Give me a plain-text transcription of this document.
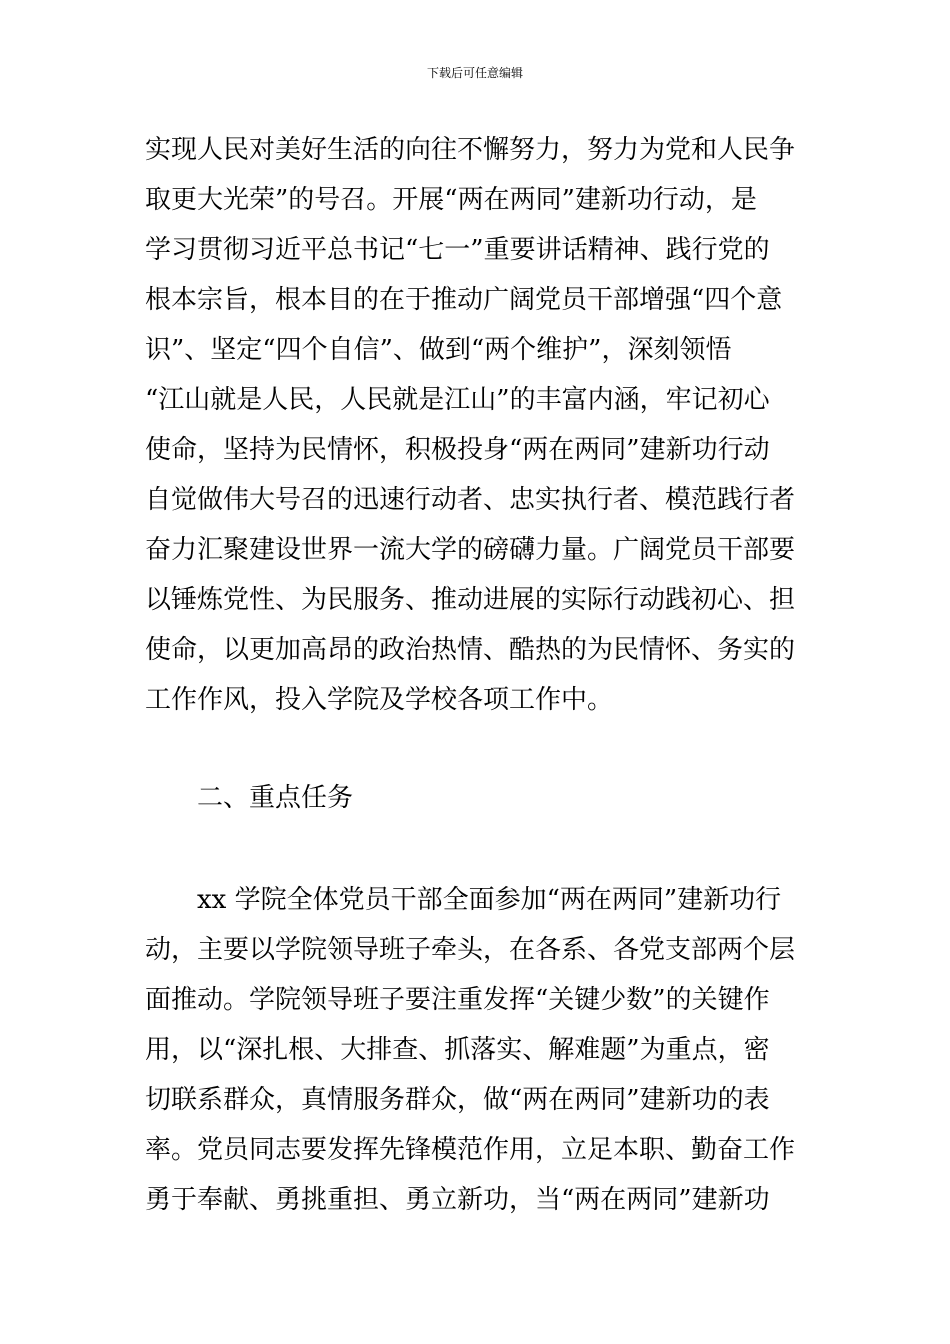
下载后可任意编辑
实现人民对美好生活的向往不懈努力，努力为党和人民争
取更大光荣”的号召。开展“两在两同”建新功行动，是
学习贯彻习近平总书记“七一”重要讲话精神、践行党的
根本宗旨，根本目的在于推动广阔党员干部增强“四个意
识”、坚定“四个自信”、做到“两个维护”，深刻领悟
“江山就是人民，人民就是江山”的丰富内涵，牢记初心
使命，坚持为民情怀，积极投身“两在两同”建新功行动
自觉做伟大号召的迅速行动者、忠实执行者、模范践行者
奋力汇聚建设世界一流大学的磅礴力量。广阔党员干部要
以锤炼党性、为民服务、推动进展的实际行动践初心、担
使命，以更加高昂的政治热情、酷热的为民情怀、务实的
工作作风，投入学院及学校各项工作中。
二、重点任务
xx 学院全体党员干部全面参加“两在两同”建新功行
动，主要以学院领导班子牵头，在各系、各党支部两个层
面推动。学院领导班子要注重发挥“关键少数”的关键作
用，以“深扎根、大排查、抓落实、解难题”为重点，密
切联系群众，真情服务群众，做“两在两同”建新功的表
率。党员同志要发挥先锋模范作用，立足本职、勤奋工作
勇于奉献、勇挑重担、勇立新功，当“两在两同”建新功
